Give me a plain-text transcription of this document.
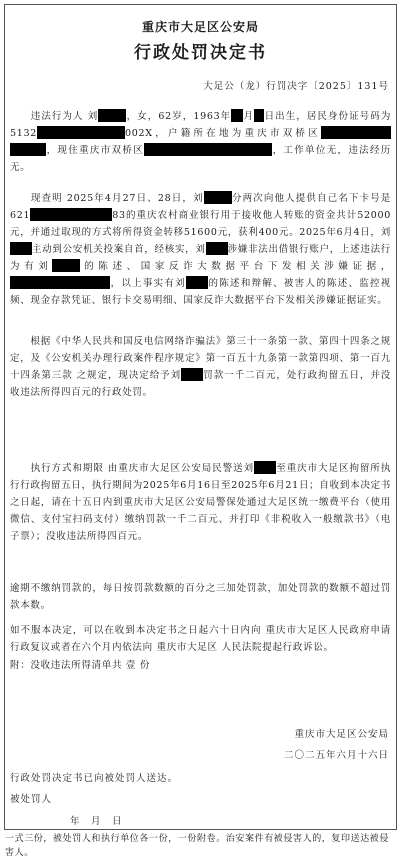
重庆市大足区公安局
行政处罚决定书
大足公（龙）行罚决字〔2025〕131号
  违法行为人 刘	，女，62岁，1963年 月 日出生，居民身份证号码为5132	002X，户籍所在地为重庆市双桥区，现住重庆市双桥区	，工作单位无，违法经历无。
  现查明 2025年4月27日、28日，刘	分两次向他人提供自己名下卡号是621	83的重庆农村商业银行用于接收他人转账的资金共计52000元，并通过取现的方式将所得资金转移51600元，获利400元。2025年6月4日，刘主动到公安机关投案自首，经核实，刘 涉嫌非法出借银行账户，上述违法行为有刘	的陈述、国家反诈大数据平台下发相关涉嫌证据，，以上事实有刘 的陈述和辩解、被害人的陈述、监控视频、现金存款凭证、银行卡交易明细、国家反诈大数据平台下发相关涉嫌证据证实。
  根据《中华人民共和国反电信网络诈骗法》第三十一条第一款、第四十四条之规定，及《公安机关办理行政案件程序规定》第一百五十九条第一款第四项、第一百九十四条第三款 之规定，现决定给予刘 罚款一千二百元，处行政拘留五日，并没收违法所得四百元的行政处罚。
  执行方式和期限 由重庆市大足区公安局民警送刘 至重庆市大足区拘留所执行行政拘留五日，执行期间为2025年6月16日至2025年6月21日；自收到本决定书之日起，请在十五日内到重庆市大足区公安局警保处通过大足区统一缴费平台（使用微信、支付宝扫码支付）缴纳罚款一千二百元、并打印《非税收入一般缴款书》（电子票）；没收违法所得四百元。
逾期不缴纳罚款的，每日按罚款数额的百分之三加处罚款，加处罚款的数额不超过罚款本数。
如不服本决定，可以在收到本决定书之日起六十日内向 重庆市大足区人民政府申请行政复议或者在六个月内依法向 重庆市大足区 人民法院提起行政诉讼。
附：没收违法所得清单共 壹 份
重庆市大足区公安局
二〇二五年六月十六日
行政处罚决定书已向被处罚人送达。
被处罚人
年　月　日
一式三份，被处罚人和执行单位各一份，一份附卷。治安案件有被侵害人的，复印送达被侵害人。
